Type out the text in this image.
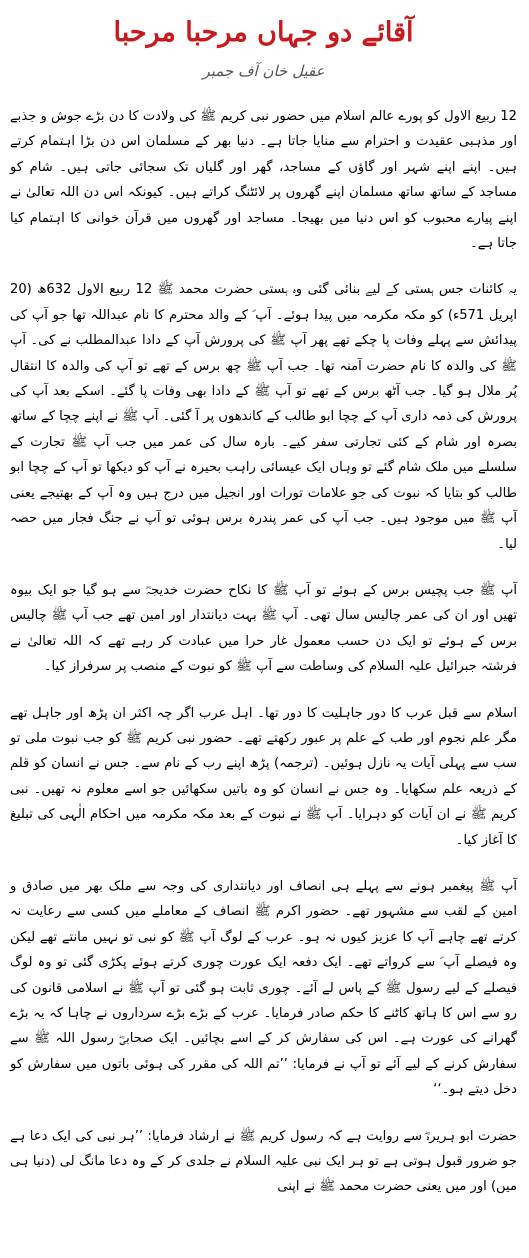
آقائے دو جہاں مرحبا مرحبا
عقیل خان آف جمبر

12 ربیع الاول کو پورے عالم اسلام میں حضور نبی کریم ﷺ کی ولادت کا دن بڑے جوش و جذبے اور مذہبی عقیدت و احترام سے منایا جاتا ہے۔ دنیا بھر کے مسلمان اس دن بڑا اہتمام کرتے ہیں۔ اپنے اپنے شہر اور گاؤں کے مساجد، گھر اور گلیاں تک سجائی جاتی ہیں۔ شام کو مساجد کے ساتھ ساتھ مسلمان اپنے گھروں پر لائٹنگ کراتے ہیں۔ کیونکہ اس دن اللہ تعالیٰ نے اپنے پیارے محبوب کو اس دنیا میں بھیجا۔ مساجد اور گھروں میں قرآن خوانی کا اہتمام کیا جاتا ہے۔

یہ کائنات جس ہستی کے لیے بنائی گئی وہ ہستی حضرت محمد ﷺ 12 ربیع الاول 632ھ (20 اپریل 571ء) کو مکہ مکرمہ میں پیدا ہوئے۔ آپ ؐ کے والد محترم کا نام عبداللہ تھا جو آپ کی پیدائش سے پہلے وفات پا چکے تھے پھر آپ ﷺ کی پرورش آپ کے دادا عبدالمطلب نے کی۔ آپ ﷺ کی والدہ کا نام حضرت آمنہ تھا۔ جب آپ ﷺ چھ برس کے تھے تو آپ کی والدہ کا انتقال پُر ملال ہو گیا۔ جب آٹھ برس کے تھے تو آپ ﷺ کے دادا بھی وفات پا گئے۔ اسکے بعد آپ کی پرورش کی ذمہ داری آپ کے چچا ابو طالب کے کاندھوں پر آ گئی۔ آپ ﷺ نے اپنے چچا کے ساتھ بصرہ اور شام کے کئی تجارتی سفر کیے۔ بارہ سال کی عمر میں جب آپ ﷺ تجارت کے سلسلے میں ملک شام گئے تو وہاں ایک عیسائی راہب بحیرہ نے آپ کو دیکھا تو آپ کے چچا ابو طالب کو بتایا کہ نبوت کی جو علامات تورات اور انجیل میں درج ہیں وہ آپ کے بھتیجے یعنی آپ ﷺ میں موجود ہیں۔ جب آپ کی عمر پندرہ برس ہوئی تو آپ نے جنگ فجار میں حصہ لیا۔

آپ ﷺ جب پچیس برس کے ہوئے تو آپ ﷺ کا نکاح حضرت خدیجہؓ سے ہو گیا جو ایک بیوہ تھیں اور ان کی عمر چالیس سال تھی۔ آپ ﷺ بہت دیانتدار اور امین تھے جب آپ ﷺ چالیس برس کے ہوئے تو ایک دن حسب معمول غار حرا میں عبادت کر رہے تھے کہ اللہ تعالیٰ نے فرشتہ جبرائیل علیہ السلام کی وساطت سے آپ ﷺ کو نبوت کے منصب پر سرفراز کیا۔

اسلام سے قبل عرب کا دور جاہلیت کا دور تھا۔ اہل عرب اگر چہ اکثر ان پڑھ اور جاہل تھے مگر علم نجوم اور طب کے علم پر عبور رکھتے تھے۔ حضور نبی کریم ﷺ کو جب نبوت ملی تو سب سے پہلی آیات یہ نازل ہوئیں۔ (ترجمہ) پڑھ اپنے رب کے نام سے۔ جس نے انسان کو قلم کے ذریعہ علم سکھایا۔ وہ جس نے انسان کو وہ باتیں سکھائیں جو اسے معلوم نہ تھیں۔ نبی کریم ﷺ نے ان آیات کو دہرایا۔ آپ ﷺ نے نبوت کے بعد مکہ مکرمہ میں احکام الٰہی کی تبلیغ کا آغاز کیا۔

آپ ﷺ پیغمبر ہونے سے پہلے ہی انصاف اور دیانتداری کی وجہ سے ملک بھر میں صادق و امین کے لقب سے مشہور تھے۔ حضور اکرم ﷺ انصاف کے معاملے میں کسی سے رعایت نہ کرتے تھے چاہے آپ کا عزیز کیوں نہ ہو۔ عرب کے لوگ آپ ﷺ کو نبی تو نہیں مانتے تھے لیکن وہ فیصلے آپ ؐ سے کرواتے تھے۔ ایک دفعہ ایک عورت چوری کرتے ہوئے پکڑی گئی تو وہ لوگ فیصلے کے لیے رسول ﷺ کے پاس لے آئے۔ چوری ثابت ہو گئی تو آپ ﷺ نے اسلامی قانون کی رو سے اس کا ہاتھ کاٹنے کا حکم صادر فرمایا۔ عرب کے بڑے بڑے سرداروں نے چاہا کہ یہ بڑے گھرانے کی عورت ہے۔ اس کی سفارش کر کے اسے بچائیں۔ ایک صحابیؓ رسول اللہ ﷺ سے سفارش کرنے کے لیے آئے تو آپ نے فرمایا: ’’تم اللہ کی مقرر کی ہوئی باتوں میں سفارش کو دخل دیتے ہو۔‘‘

حضرت ابو ہریرہؓ سے روایت ہے کہ رسول کریم ﷺ نے ارشاد فرمایا: ’’ہر نبی کی ایک دعا ہے جو ضرور قبول ہوتی ہے تو ہر ایک نبی علیہ السلام نے جلدی کر کے وہ دعا مانگ لی (دنیا ہی میں) اور میں یعنی حضرت محمد ﷺ نے اپنی
